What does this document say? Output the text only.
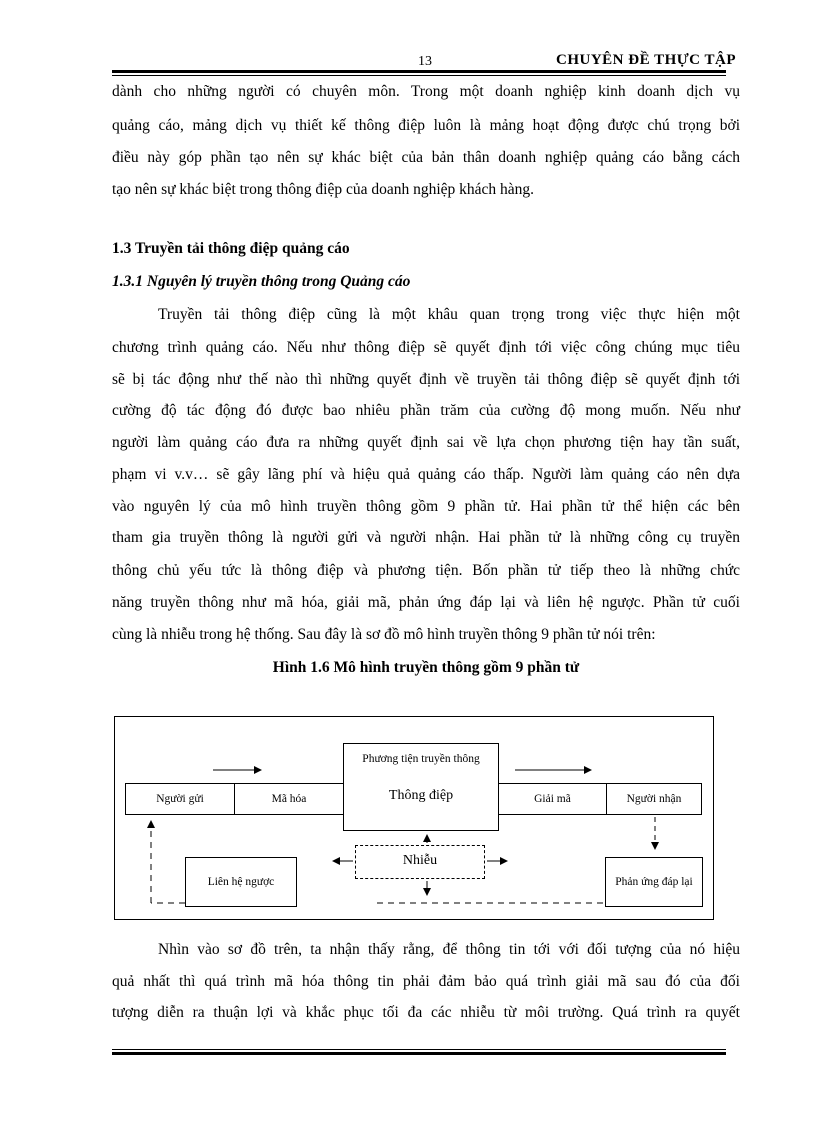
13	CHUYÊN ĐỀ THỰC TẬP
dành cho những người có chuyên môn. Trong một doanh nghiệp kinh doanh dịch vụ
quảng cáo, mảng dịch vụ thiết kế thông điệp luôn là mảng hoạt động được chú trọng bởi
điều này góp phần tạo nên sự khác biệt của bản thân doanh nghiệp quảng cáo bằng cách
tạo nên sự khác biệt trong thông điệp của doanh nghiệp khách hàng.
1.3 Truyền tải thông điệp quảng cáo
1.3.1 Nguyên lý truyền thông trong Quảng cáo
Truyền tải thông điệp cũng là một khâu quan trọng trong việc thực hiện một
chương trình quảng cáo. Nếu như thông điệp sẽ quyết định tới việc công chúng mục tiêu
sẽ bị tác động như thế nào thì những quyết định về truyền tải thông điệp sẽ quyết định tới
cường độ tác động đó được bao nhiêu phần trăm của cường độ mong muốn. Nếu như
người làm quảng cáo đưa ra những quyết định sai về lựa chọn phương tiện hay tần suất,
phạm vi v.v… sẽ gây lãng phí và hiệu quả quảng cáo thấp. Người làm quảng cáo nên dựa
vào nguyên lý của mô hình truyền thông gồm 9 phần tử. Hai phần tử thể hiện các bên
tham gia truyền thông là người gửi và người nhận. Hai phần tử là những công cụ truyền
thông chủ yếu tức là thông điệp và phương tiện. Bốn phần tử tiếp theo là những chức
năng truyền thông như mã hóa, giải mã, phản ứng đáp lại và liên hệ ngược. Phần tử cuối
cùng là nhiễu trong hệ thống. Sau đây là sơ đồ mô hình truyền thông 9 phần tử nói trên:
Hình 1.6 Mô hình truyền thông gồm 9 phần tử
Người gửi	Mã hóa
Phương tiện truyền thông
Thông điệp	Giải mã	Người nhận
Liên hệ ngược
Nhiễu
Phản ứng đáp lại
Nhìn vào sơ đồ trên, ta nhận thấy rằng, để thông tin tới với đối tượng của nó hiệu
quả nhất thì quá trình mã hóa thông tin phải đảm bảo quá trình giải mã sau đó của đối
tượng diễn ra thuận lợi và khắc phục tối đa các nhiễu từ môi trường. Quá trình ra quyết
